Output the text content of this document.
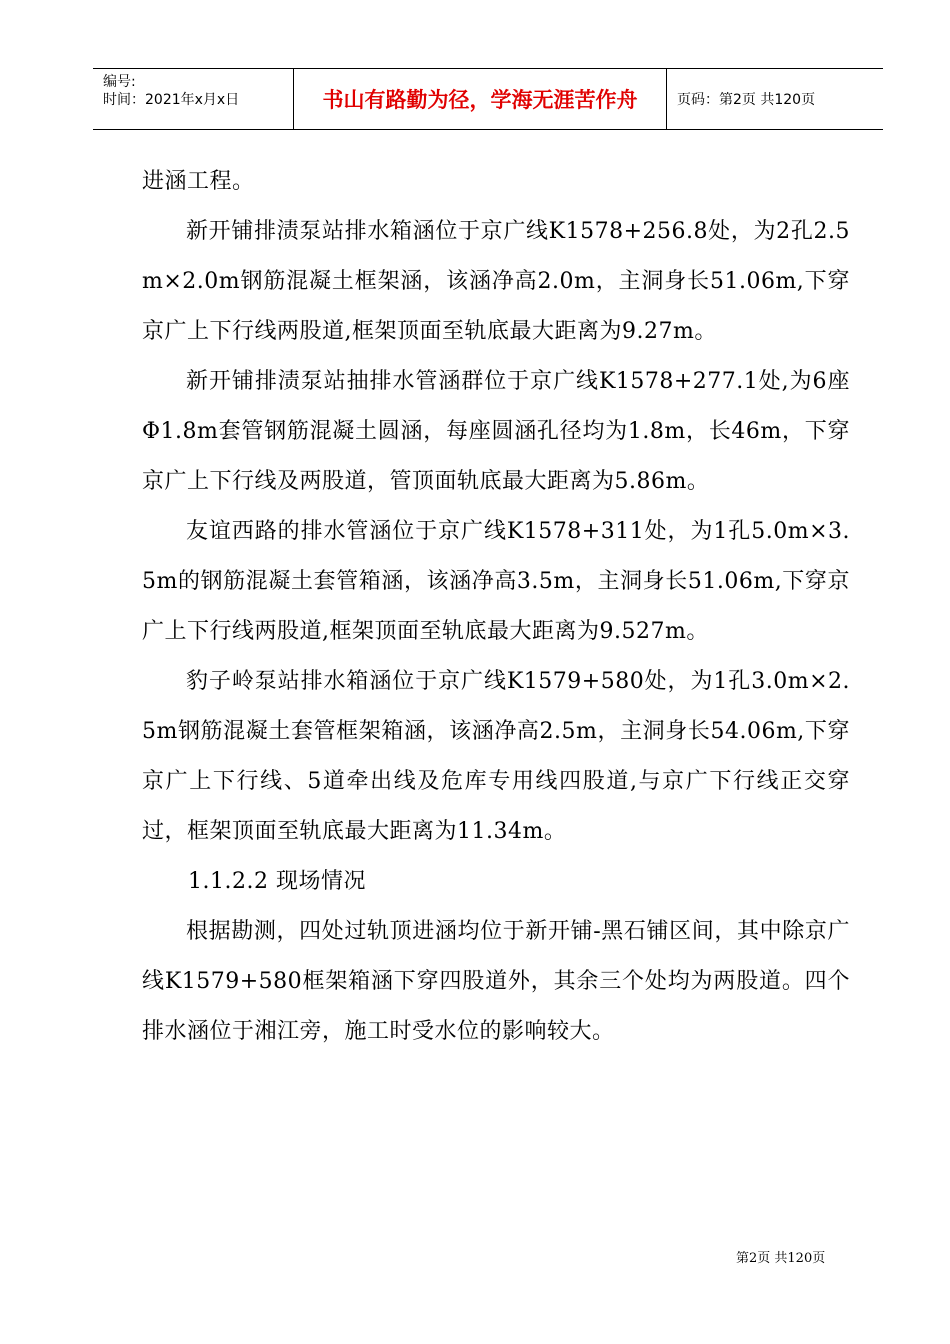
编号:
时间：2021年x月x日	书山有路勤为径，学海无涯苦作舟	页码：第2页 共120页

进涵工程。

新开铺排渍泵站排水箱涵位于京广线K1578+256.8处，为2孔2.5m×2.0m钢筋混凝土框架涵，该涵净高2.0m，主洞身长51.06m,下穿京广上下行线两股道,框架顶面至轨底最大距离为9.27m。

新开铺排渍泵站抽排水管涵群位于京广线K1578+277.1处,为6座Φ1.8m套管钢筋混凝土圆涵，每座圆涵孔径均为1.8m，长46m，下穿京广上下行线及两股道，管顶面轨底最大距离为5.86m。

友谊西路的排水管涵位于京广线K1578+311处，为1孔5.0m×3.5m的钢筋混凝土套管箱涵，该涵净高3.5m，主洞身长51.06m,下穿京广上下行线两股道,框架顶面至轨底最大距离为9.527m。

豹子岭泵站排水箱涵位于京广线K1579+580处，为1孔3.0m×2.5m钢筋混凝土套管框架箱涵，该涵净高2.5m，主洞身长54.06m,下穿京广上下行线、5道牵出线及危库专用线四股道,与京广下行线正交穿过，框架顶面至轨底最大距离为11.34m。

1.1.2.2 现场情况

根据勘测，四处过轨顶进涵均位于新开铺-黑石铺区间，其中除京广线K1579+580框架箱涵下穿四股道外，其余三个处均为两股道。四个排水涵位于湘江旁，施工时受水位的影响较大。

第2页 共120页
